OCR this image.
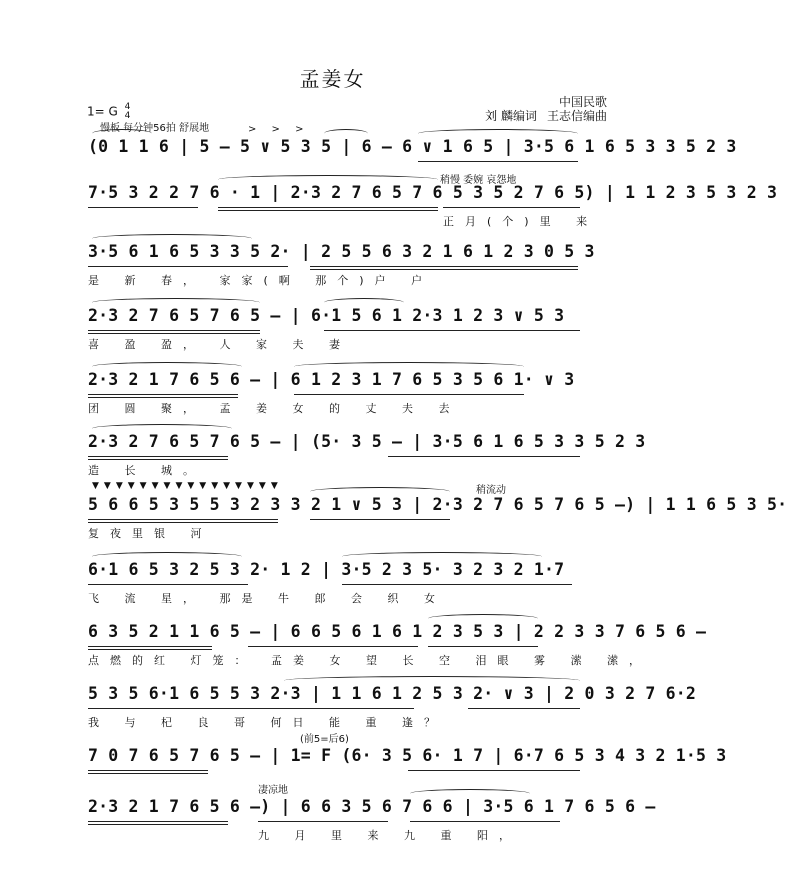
孟姜女
中国民歌
刘 麟编词 王志信编曲
1= G 4
4
慢板 每分钟56拍 舒展地	> > >
(0 1 1 6 | 5 — 5 ∨ 5 3 5 | 6 — 6 ∨ 1 6 5 | 3·5 6 1 6 5 3 3 5 2 3
稍慢 委婉 哀怨地
7·5 3 2 2 7 6 · 1 | 2·3 2 7 6 5 7 6 5 3 5 2 7 6 5) | 1 1 2 3 5 3 2 3
正月(个)里 来
3·5 6 1 6 5 3 3 5 2· | 2 5 5 6 3 2 1 6 1 2 3 0 5 3
是 新 春， 家家(啊 那个)户 户
2·3 2 7 6 5 7 6 5 — | 6·1 5 6 1 2·3 1 2 3 ∨ 5 3
喜 盈 盈， 人 家 夫 妻
2·3 2 1 7 6 5 6 — | 6 1 2 3 1 7 6 5 3 5 6 1· ∨ 3
团 圆 聚， 孟 姜 女 的 丈 夫 去
2·3 2 7 6 5 7 6 5 — | (5· 3 5 — | 3·5 6 1 6 5 3 3 5 2 3
造 长 城。
▼▼▼▼▼▼▼▼▼▼▼▼▼▼▼▼	稍流动
5 6 6 5 3 5 5 3 2 3 3 2 1 ∨ 5 3 | 2·3 2 7 6 5 7 6 5 —) | 1 1 6 5 3 5·
复夜里银 河
6·1 6 5 3 2 5 3 2· 1 2 | 3·5 2 3 5· 3 2 3 2 1·7
飞 流 星， 那是 牛 郎 会 织 女
6 3 5 2 1 1 6 5 — | 6 6 5 6 1 6 1 2 3 5 3 | 2 2 3 3 7 6 5 6 —
点燃的红 灯笼： 孟姜 女 望 长 空 泪眼 雾 潆 潆，
5 3 5 6·1 6 5 5 3 2·3 | 1 1 6 1 2 5 3 2· ∨ 3 | 2 0 3 2 7 6·2
我 与 杞 良 哥 何日 能 重 逢？
(前5=后6)
7 0 7 6 5 7 6 5 — | 1= F (6· 3 5 6· 1 7 | 6·7 6 5 3 4 3 2 1·5 3
凄凉地
2·3 2 1 7 6 5 6 —) | 6 6 3 5 6 7 6 6 | 3·5 6 1 7 6 5 6 —
九 月 里 来 九 重 阳，
